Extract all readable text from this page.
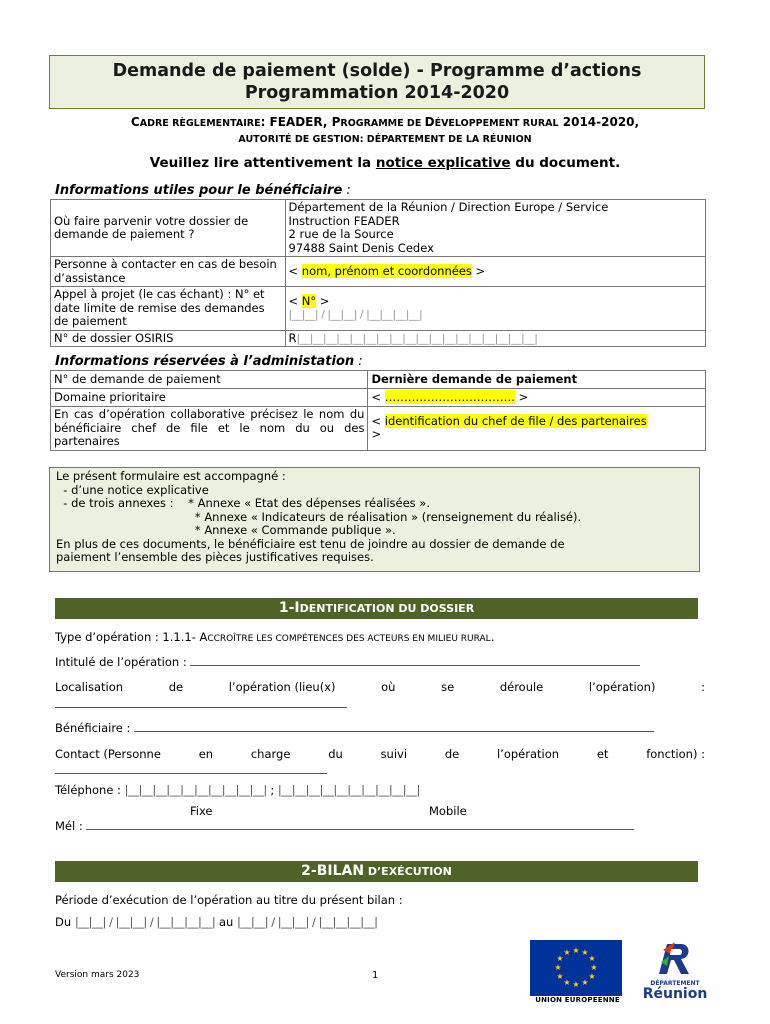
Demande de paiement (solde) - Programme d’actions
Programmation 2014-2020
CADRE RÈGLEMENTAIRE: FEADER, PROGRAMME DE DÉVELOPPEMENT RURAL 2014-2020,
AUTORITÉ DE GESTION: DÉPARTEMENT DE LA RÉUNION
Veuillez lire attentivement la notice explicative du document.
Informations utiles pour le bénéficiaire :
Où faire parvenir votre dossier de demande de paiement ?	Département de la Réunion / Direction Europe / Service
Instruction FEADER
2 rue de la Source
97488 Saint Denis Cedex

Personne à contacter en cas de besoin d’assistance	< nom, prénom et coordonnées >
Appel à projet (le cas échant) : N° et date limite de remise des demandes de paiement	< N° >
|__|__| / |__|__| / |__|__|__|__|

N° de dossier OSIRIS	R|__|__|__|__|__|__|__|__|__|__|__|__|__|__|__|__|__|__|
Informations réservées à l’administation :
N° de demande de paiement	Dernière demande de paiement
Domaine prioritaire	< ……………………………. >
En cas d’opération collaborative précisez le nom du bénéficiaire chef de file et le nom du ou des partenaires	< identification du chef de file / des partenaires
>
Le présent formulaire est accompagné :
- d’une notice explicative
- de trois annexes :    * Annexe « Etat des dépenses réalisées ».
* Annexe « Indicateurs de réalisation » (renseignement du réalisé).
* Annexe « Commande publique ».
En plus de ces documents, le bénéficiaire est tenu de joindre au dossier de demande de
paiement l’ensemble des pièces justificatives requises.
1-IDENTIFICATION DU DOSSIER
Type d’opération : 1.1.1- ACCROÎTRE LES COMPÉTENCES DES ACTEURS EN MILIEU RURAL.
Intitulé de l’opération :
Localisation	de	l’opération (lieu(x)	où	se	déroule	l’opération)	:
Bénéficiaire :
Contact (Personne	en	charge	du	suivi	de	l’opération	et	fonction) :
Téléphone : |__|__|__|__|__|__|__|__|__|__| ; |__|__|__|__|__|__|__|__|__|__|
Fixe	Mobile
Mél :
2-BILAN D’EXÉCUTION
Période d’exécution de l’opération au titre du présent bilan :
Du |__|__| / |__|__| / |__|__|__|__| au |__|__| / |__|__| / |__|__|__|__|
Version mars 2023	1
★ ★
★
★
★
★
★
★
★
★
★
★
UNION EUROPEENNE
DÉPARTEMENT
Réunion
